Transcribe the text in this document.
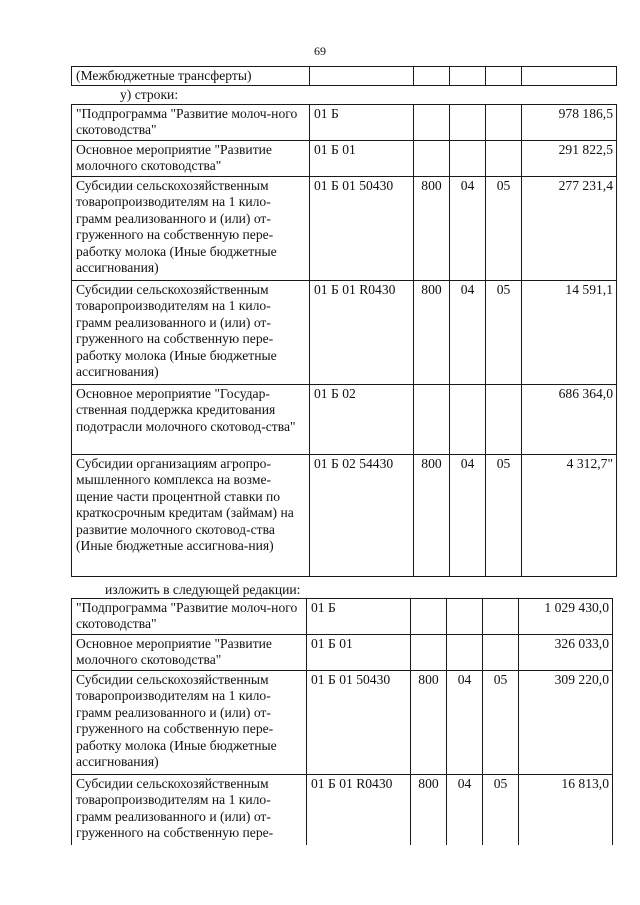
69
(Межбюджетные трансферты)					
у) строки:
"Подпрограмма "Развитие молоч-ного скотоводства"	01 Б				978 186,5
Основное мероприятие "Развитие молочного скотоводства"	01 Б 01				291 822,5
Субсидии сельскохозяйственным товаропроизводителям на 1 кило-грамм реализованного и (или) от-груженного на собственную пере-работку молока (Иные бюджетные ассигнования)	01 Б 01 50430	800	04	05	277 231,4
Субсидии сельскохозяйственным товаропроизводителям на 1 кило-грамм реализованного и (или) от-груженного на собственную пере-работку молока (Иные бюджетные ассигнования)	01 Б 01 R0430	800	04	05	14 591,1
Основное мероприятие "Государ-ственная поддержка кредитования подотрасли молочного скотовод-ства"	01 Б 02				686 364,0
Субсидии организациям агропро-мышленного комплекса на возме-щение части процентной ставки по краткосрочным кредитам (займам) на развитие молочного скотовод-ства (Иные бюджетные ассигнова-ния)	01 Б 02 54430	800	04	05	4 312,7"
изложить в следующей редакции:
"Подпрограмма "Развитие молоч-ного скотоводства"	01 Б				1 029 430,0
Основное мероприятие "Развитие молочного скотоводства"	01 Б 01				326 033,0
Субсидии сельскохозяйственным товаропроизводителям на 1 кило-грамм реализованного и (или) от-груженного на собственную пере-работку молока (Иные бюджетные ассигнования)	01 Б 01 50430	800	04	05	309 220,0
Субсидии сельскохозяйственным товаропроизводителям на 1 кило-грамм реализованного и (или) от-груженного на собственную пере-	01 Б 01 R0430	800	04	05	16 813,0
